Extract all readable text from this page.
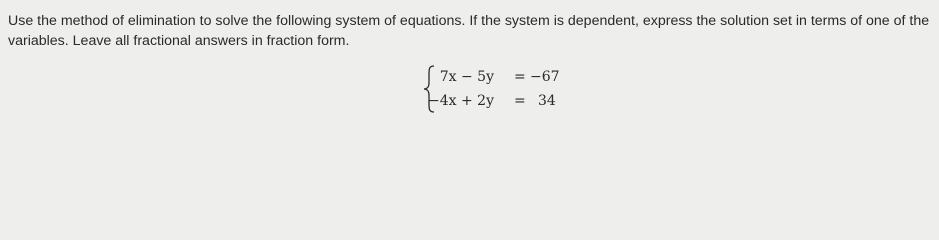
Use the method of elimination to solve the following system of equations. If the system is dependent, express the solution set in terms of one of the variables. Leave all fractional answers in fraction form.

7x − 5y = −67
−4x + 2y = 34
